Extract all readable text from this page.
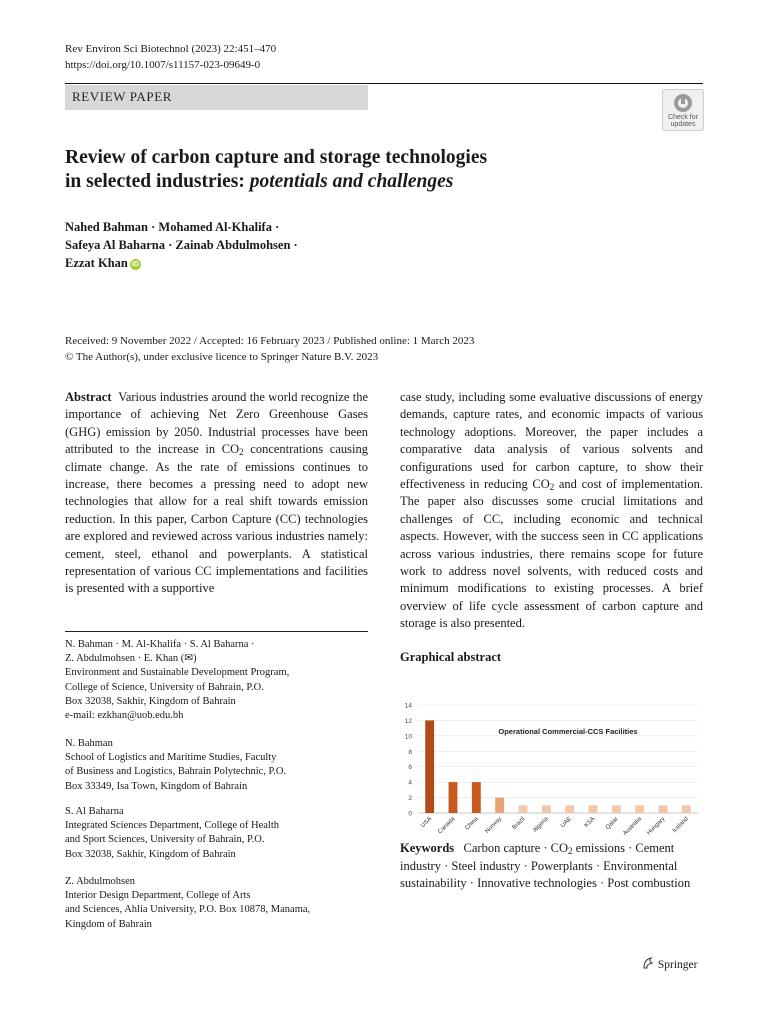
Rev Environ Sci Biotechnol (2023) 22:451–470
https://doi.org/10.1007/s11157-023-09649-0
REVIEW PAPER
Check for
updates
Review of carbon capture and storage technologies
in selected industries: potentials and challenges
Nahed Bahman · Mohamed Al-Khalifa ·
Safeya Al Baharna · Zainab Abdulmohsen ·
Ezzat Khan iD
Received: 9 November 2022 / Accepted: 16 February 2023 / Published online: 1 March 2023
© The Author(s), under exclusive licence to Springer Nature B.V. 2023
Abstract Various industries around the world recognize the importance of achieving Net Zero Greenhouse Gases (GHG) emission by 2050. Industrial processes have been attributed to the increase in $CO_2$ concentrations causing climate change. As the rate of emissions continues to increase, there becomes a pressing need to adopt new technologies that allow for a real shift towards emission reduction. In this paper, Carbon Capture (CC) technologies are explored and reviewed across various industries namely: cement, steel, ethanol and powerplants. A statistical representation of various CC implementations and facilities is presented with a supportive
case study, including some evaluative discussions of energy demands, capture rates, and economic impacts of various technology adoptions. Moreover, the paper includes a comparative data analysis of various solvents and configurations used for carbon capture, to show their effectiveness in reducing $CO_2$ and cost of implementation. The paper also discusses some crucial limitations and challenges of CC, including economic and technical aspects. However, with the success seen in CC applications across various industries, there remains scope for future work to address novel solvents, with reduced costs and minimum modifications to existing processes. A brief overview of life cycle assessment of carbon capture and storage is also presented.
N. Bahman · M. Al-Khalifa · S. Al Baharna ·
Z. Abdulmohsen · E. Khan (✉)
Environment and Sustainable Development Program,
College of Science, University of Bahrain, P.O.
Box 32038, Sakhir, Kingdom of Bahrain
e-mail: ezkhan@uob.edu.bh
N. Bahman
School of Logistics and Maritime Studies, Faculty
of Business and Logistics, Bahrain Polytechnic, P.O.
Box 33349, Isa Town, Kingdom of Bahrain
S. Al Baharna
Integrated Sciences Department, College of Health
and Sport Sciences, University of Bahrain, P.O.
Box 32038, Sakhir, Kingdom of Bahrain
Z. Abdulmohsen
Interior Design Department, College of Arts
and Sciences, Ahlia University, P.O. Box 10878, Manama,
Kingdom of Bahrain
Graphical abstract
0
2
4
6
8
10
12
14
USA Canada China Norway Brazil Algeria UAE KSA Qatar Australia Hungary Iceland
Operational Commercial-CCS Facilities
Keywords Carbon capture · $CO_2$ emissions · Cement industry · Steel industry · Powerplants · Environmental sustainability · Innovative technologies · Post combustion
Springer
